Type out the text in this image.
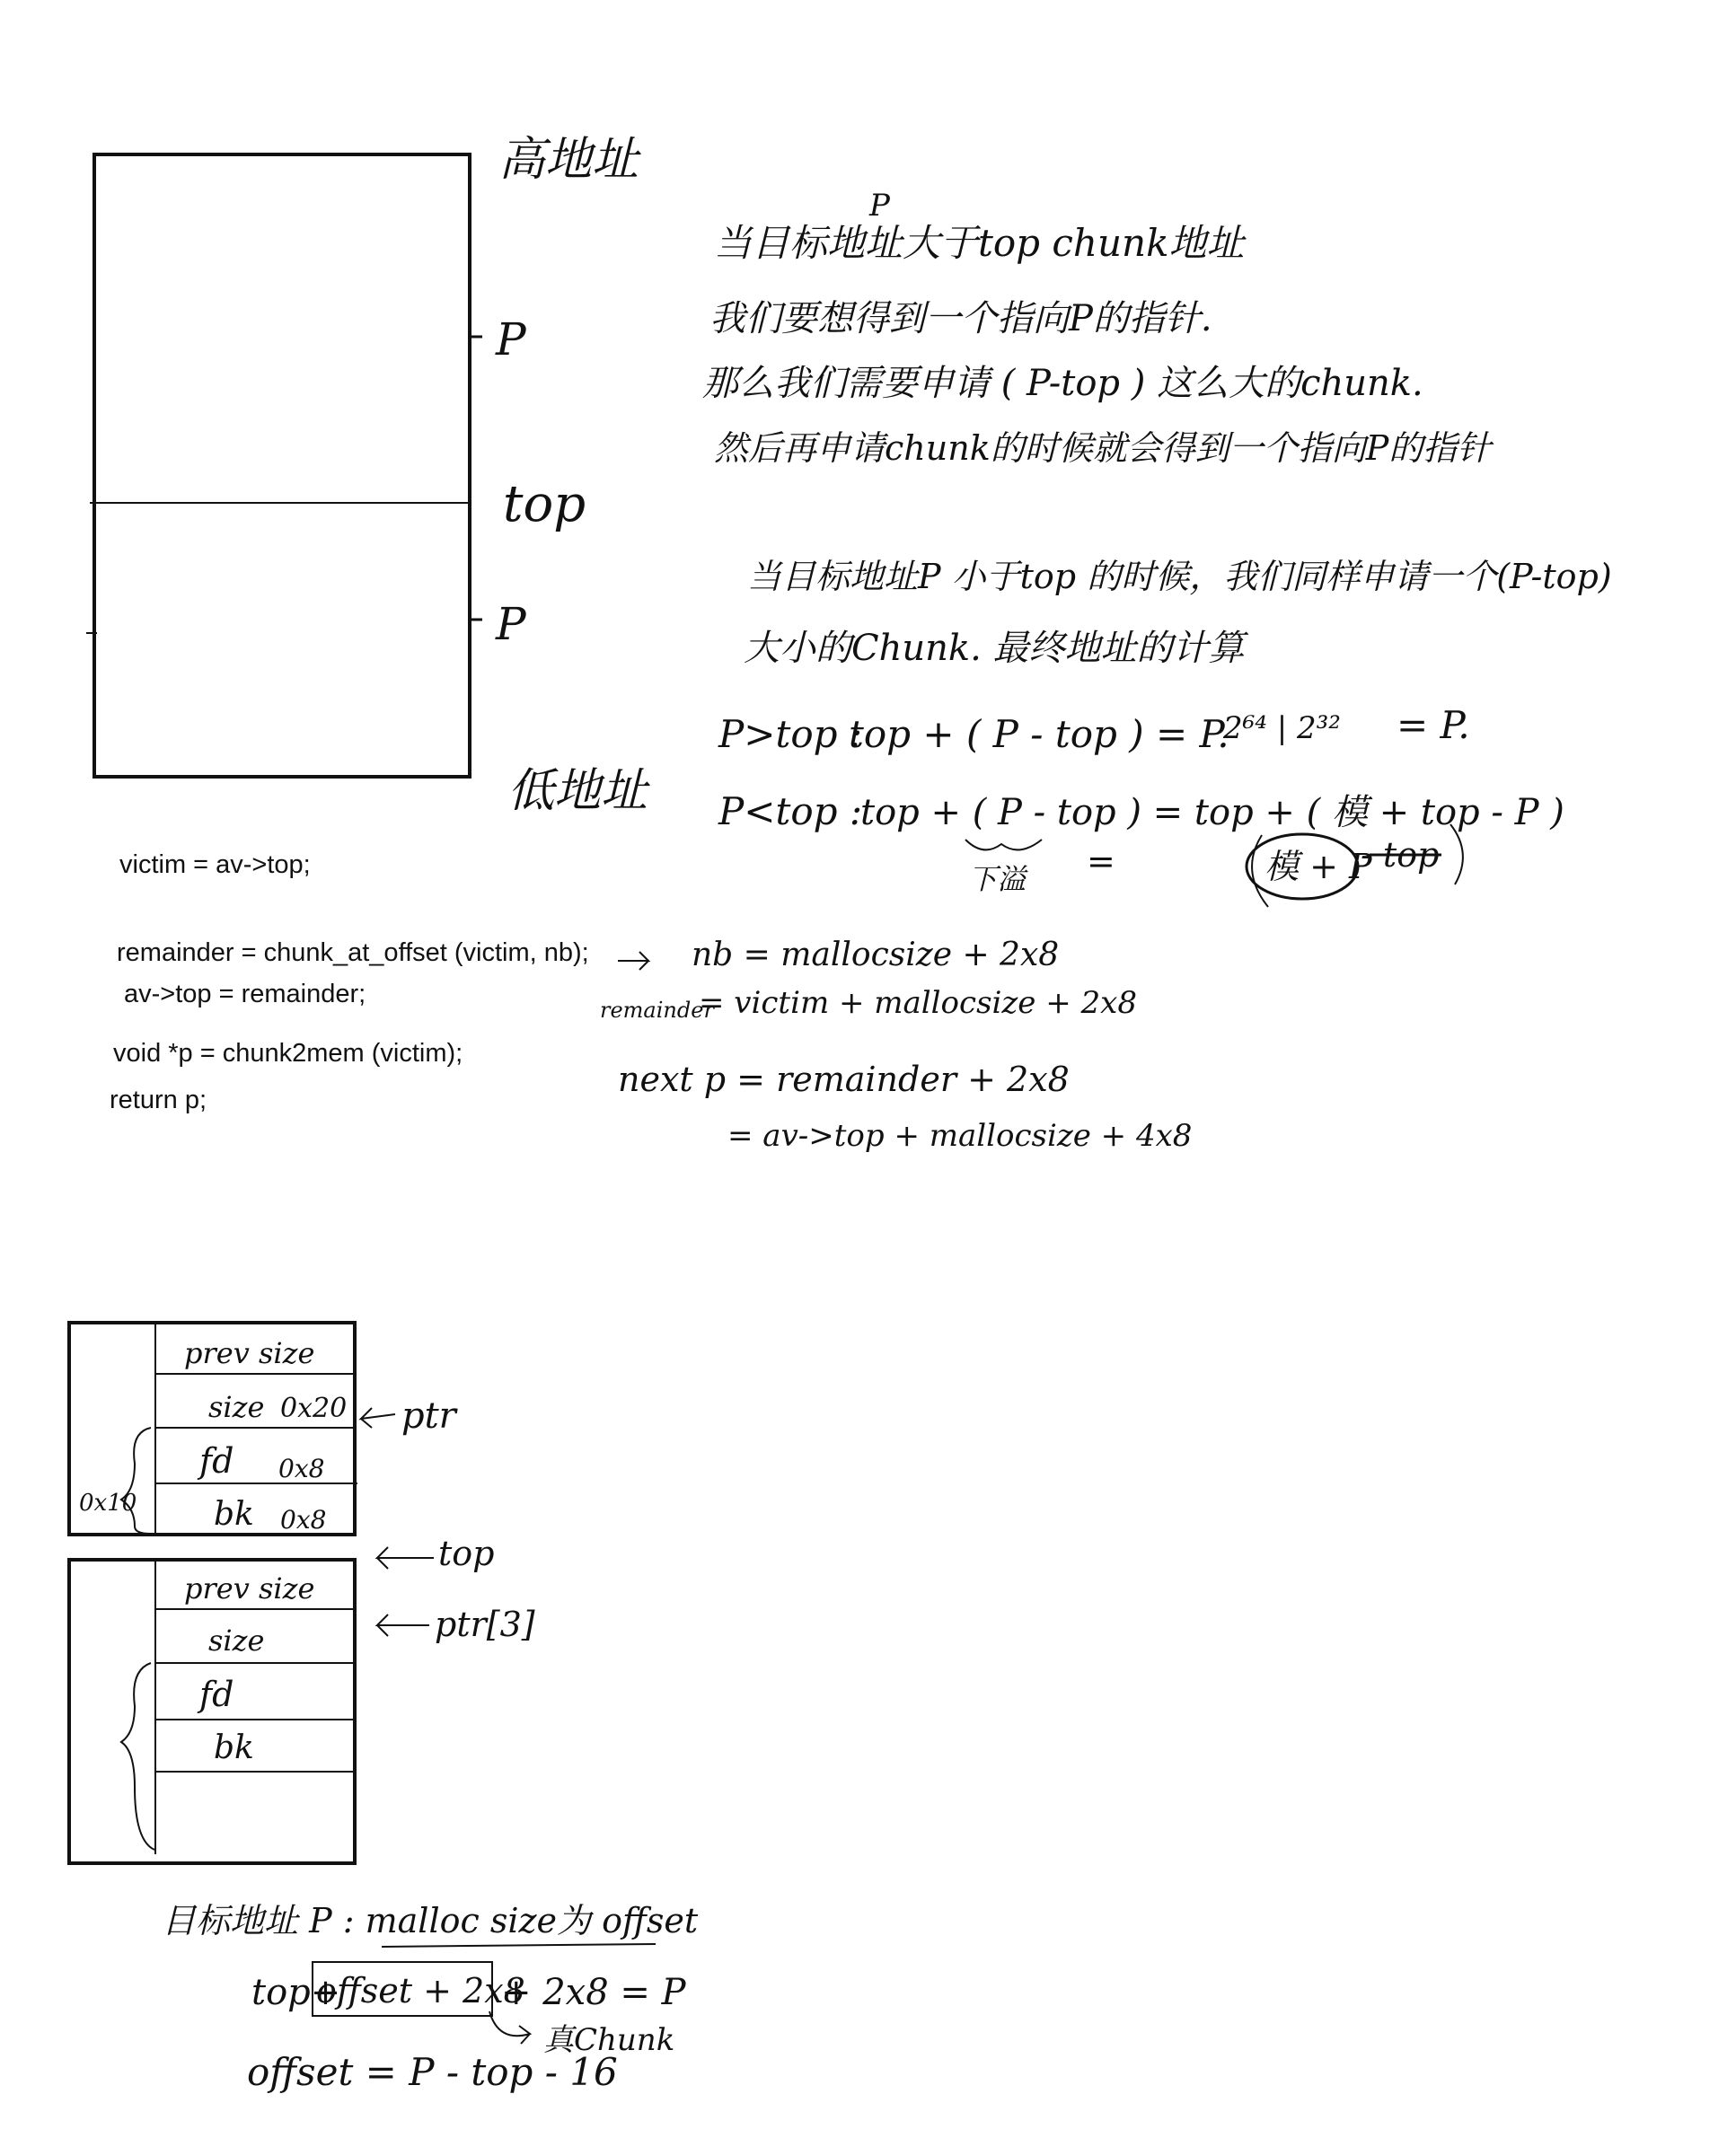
高地址
P
top
P
低地址
P
当目标地址大于top chunk地址
我们要想得到一个指向P的指针.
那么我们需要申请 ( P-top ) 这么大的chunk.
然后再申请chunk的时候就会得到一个指向P的指针
当目标地址P 小于top 的时候，我们同样申请一个(P-top)
大小的Chunk. 最终地址的计算
P>top :
top + ( P - top ) = P.
2⁶⁴ | 2³² = P.
P<top :
top + ( P - top ) = top + ( 模 + top - P )
下溢 =	模 + P
- top
victim = av->top;
remainder = chunk_at_offset (victim, nb);
av->top = remainder;
void *p = chunk2mem (victim);
return p;
nb = mallocsize + 2x8
remainder
= victim + mallocsize + 2x8
next p = remainder + 2x8
= av->top + mallocsize + 4x8
prev size
size 0x20
fd 0x8
bk 0x8
0x10
ptr
top
prev size
size
fd
bk
ptr[3]
目标地址 P : malloc size为 offset
top+
offset + 2x8
+ 2x8 = P
真Chunk
offset = P - top - 16
